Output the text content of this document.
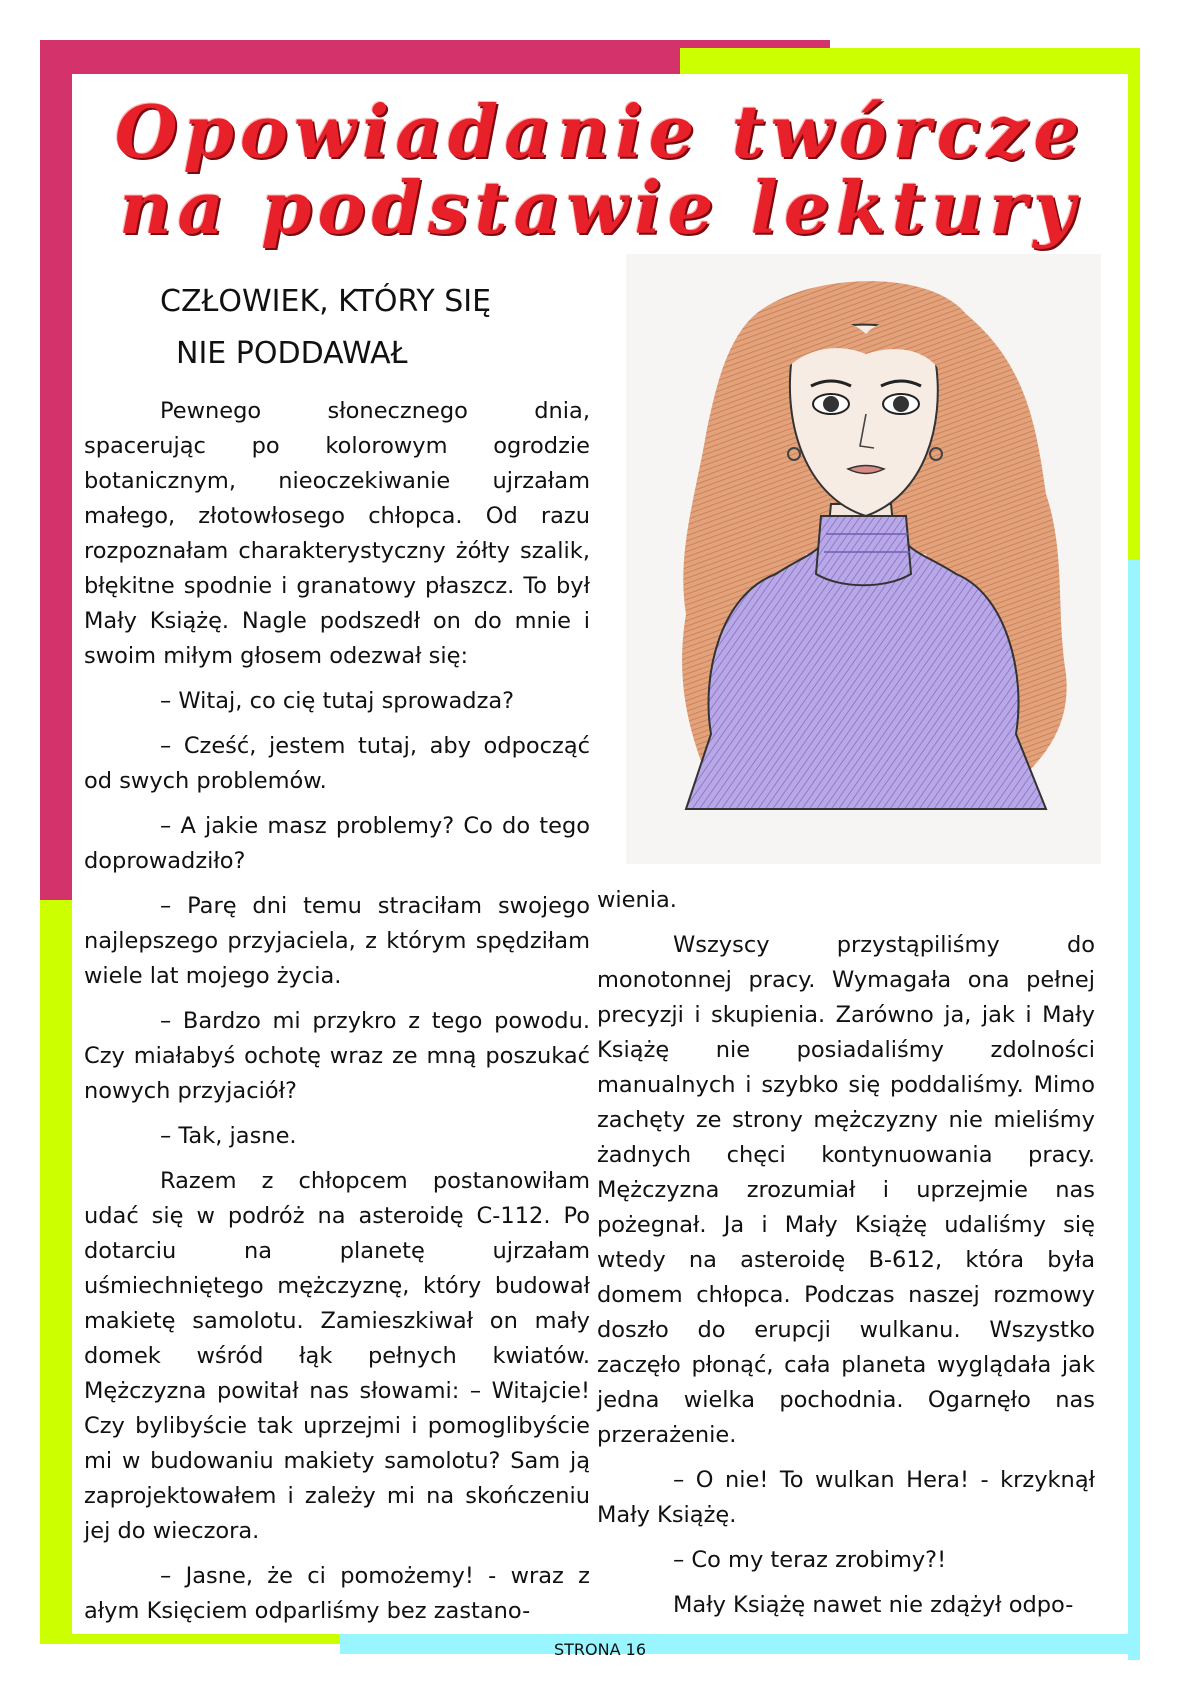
Opowiadanie twórcze
na podstawie lektury
CZŁOWIEK, KTÓRY SIĘ
NIE PODDAWAŁ

Pewnego słonecznego dnia, spacerując po kolorowym ogrodzie botanicznym, nieoczekiwanie ujrzałam małego, złotowłosego chłopca. Od razu rozpoznałam charakterystyczny żółty szalik, błękitne spodnie i granatowy płaszcz. To był Mały Książę. Nagle podszedł on do mnie i swoim miłym głosem odezwał się:

– Witaj, co cię tutaj sprowadza?

– Cześć, jestem tutaj, aby odpocząć od swych problemów.

– A jakie masz problemy? Co do tego doprowadziło?

– Parę dni temu straciłam swojego najlepszego przyjaciela, z którym spędziłam wiele lat mojego życia.

– Bardzo mi przykro z tego powodu. Czy miałabyś ochotę wraz ze mną poszukać nowych przyjaciół?

– Tak, jasne.

Razem z chłopcem postanowiłam udać się w podróż na asteroidę C-112. Po dotarciu na planetę ujrzałam uśmiechniętego mężczyznę, który budował makietę samolotu. Zamieszkiwał on mały domek wśród łąk pełnych kwiatów. Mężczyzna powitał nas słowami: – Witajcie! Czy bylibyście tak uprzejmi i pomoglibyście mi w budowaniu makiety samolotu? Sam ją zaprojektowałem i zależy mi na skończeniu jej do wieczora.

– Jasne, że ci pomożemy! - wraz z ałym Księciem odparliśmy bez zastano-

wienia.

Wszyscy przystąpiliśmy do monotonnej pracy. Wymagała ona pełnej precyzji i skupienia. Zarówno ja, jak i Mały Książę nie posiadaliśmy zdolności manualnych i szybko się poddaliśmy. Mimo zachęty ze strony mężczyzny nie mieliśmy żadnych chęci kontynuowania pracy. Mężczyzna zrozumiał i uprzejmie nas pożegnał. Ja i Mały Książę udaliśmy się wtedy na asteroidę B-612, która była domem chłopca. Podczas naszej rozmowy doszło do erupcji wulkanu. Wszystko zaczęło płonąć, cała planeta wyglądała jak jedna wielka pochodnia. Ogarnęło nas przerażenie.

– O nie! To wulkan Hera! - krzyknął Mały Książę.

– Co my teraz zrobimy?!

Mały Książę nawet nie zdążył odpo-

STRONA 16
